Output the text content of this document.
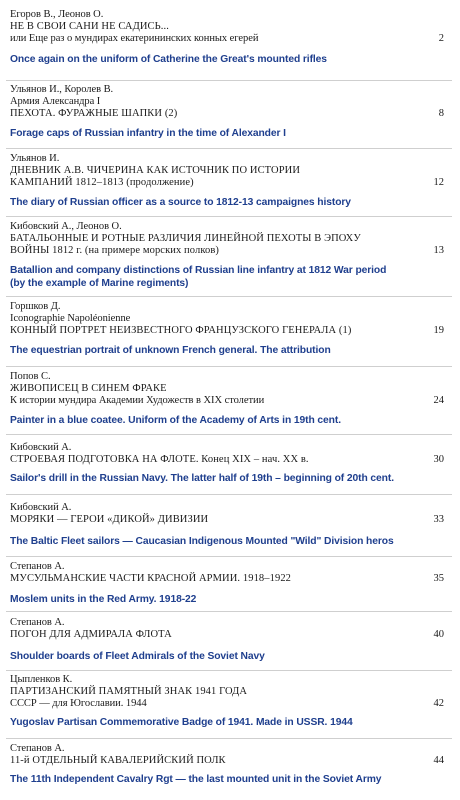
Егоров В., Леонов О.
НЕ В СВОИ САНИ НЕ САДИСЬ...
или Еще раз о мундирах екатерининских конных егерей	2
Once again on the uniform of Catherine the Great's mounted rifles
Ульянов И., Королев В.
Армия Александра I
ПЕХОТА. ФУРАЖНЫЕ ШАПКИ (2)	8
Forage caps of Russian infantry in the time of Alexander I
Ульянов И.
ДНЕВНИК А.В. ЧИЧЕРИНА КАК ИСТОЧНИК ПО ИСТОРИИ
КАМПАНИЙ 1812–1813 (продолжение)	12
The diary of Russian officer as a source to 1812-13 campaignes history
Кибовский А., Леонов О.
БАТАЛЬОННЫЕ И РОТНЫЕ РАЗЛИЧИЯ ЛИНЕЙНОЙ ПЕХОТЫ В ЭПОХУ
ВОЙНЫ 1812 г. (на примере морских полков)	13
Batallion and company distinctions of Russian line infantry at 1812 War period
(by the example of Marine regiments)
Горшков Д.
Iconographie Napoléonienne
КОННЫЙ ПОРТРЕТ НЕИЗВЕСТНОГО ФРАНЦУЗСКОГО ГЕНЕРАЛА (1)	19
The equestrian portrait of unknown French general. The attribution
Попов С.
ЖИВОПИСЕЦ В СИНЕМ ФРАКЕ
К истории мундира Академии Художеств в XIX столетии	24
Painter in a blue coatee. Uniform of the Academy of Arts in 19th cent.
Кибовский А.
СТРОЕВАЯ ПОДГОТОВКА НА ФЛОТЕ. Конец XIX – нач. XX в.	30
Sailor's drill in the Russian Navy. The latter half of 19th – beginning of 20th cent.
Кибовский А.
МОРЯКИ — ГЕРОИ «ДИКОЙ» ДИВИЗИИ	33
The Baltic Fleet sailors — Caucasian Indigenous Mounted "Wild" Division heros
Степанов А.
МУСУЛЬМАНСКИЕ ЧАСТИ КРАСНОЙ АРМИИ. 1918–1922	35
Moslem units in the Red Army. 1918-22
Степанов А.
ПОГОН ДЛЯ АДМИРАЛА ФЛОТА	40
Shoulder boards of Fleet Admirals of the Soviet Navy
Цыпленков К.
ПАРТИЗАНСКИЙ ПАМЯТНЫЙ ЗНАК 1941 ГОДА
СССР — для Югославии. 1944	42
Yugoslav Partisan Commemorative Badge of 1941. Made in USSR. 1944
Степанов А.
11-й ОТДЕЛЬНЫЙ КАВАЛЕРИЙСКИЙ ПОЛК	44
The 11th Independent Cavalry Rgt — the last mounted unit in the Soviet Army
